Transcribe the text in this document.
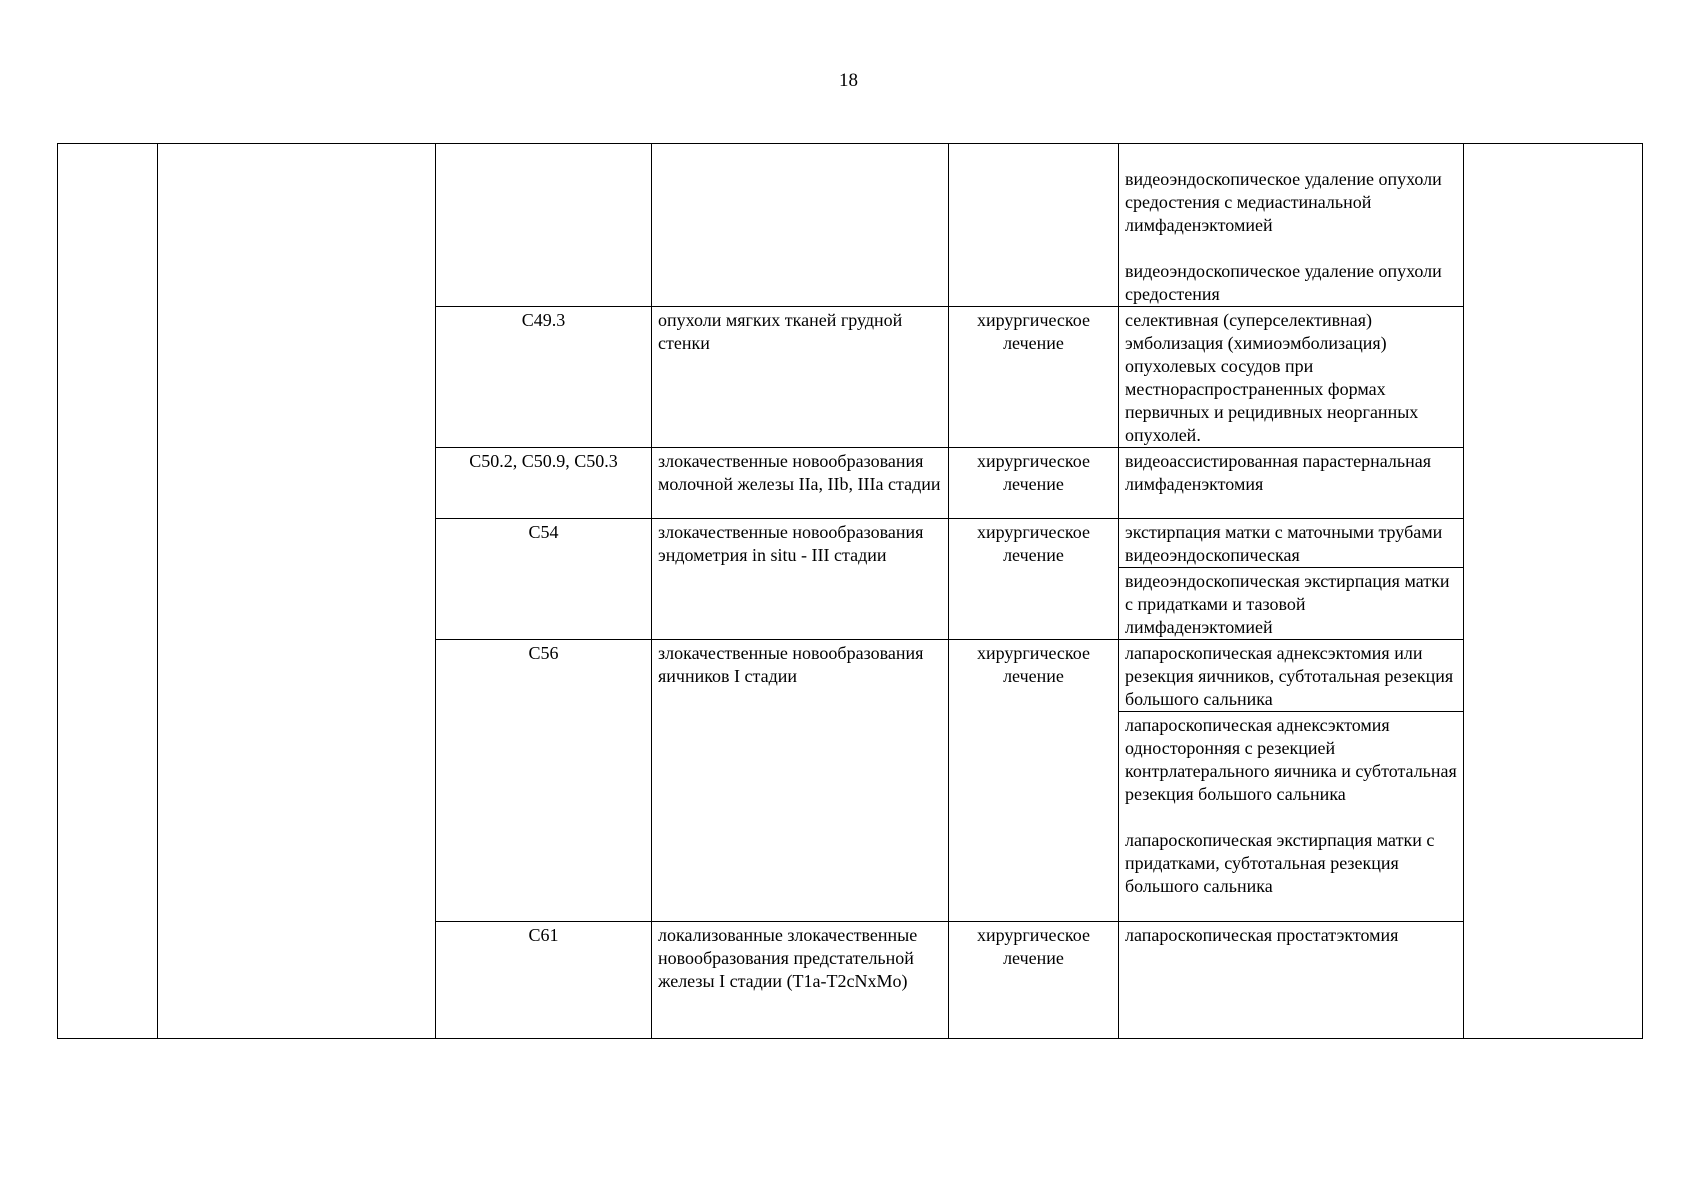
18

					видеоэндоскопическое удаление опухоли средостения с медиастинальной лимфаденэктомией
видеоэндоскопическое удаление опухоли средостения	

		С49.3	опухоли мягких тканей грудной стенки	хирургическое лечение	селективная (суперселективная) эмболизация (химиоэмболизация) опухолевых сосудов при местнораспространенных формах первичных и рецидивных неорганных опухолей.	
		С50.2, С50.9, С50.3	злокачественные новообразования молочной железы IIa, IIb, IIIa стадии	хирургическое лечение	видеоассистированная парастернальная лимфаденэктомия	
		С54	злокачественные новообразования эндометрия in situ - III стадии	хирургическое лечение	экстирпация матки с маточными трубами видеоэндоскопическая	
					видеоэндоскопическая экстирпация матки с придатками и тазовой лимфаденэктомией	
		С56	злокачественные новообразования яичников I стадии	хирургическое лечение	лапароскопическая аднексэктомия или резекция яичников, субтотальная резекция большого сальника	

					лапароскопическая аднексэктомия односторонняя с резекцией контрлатерального яичника и субтотальная резекция большого сальника
лапароскопическая экстирпация матки с придатками, субтотальная резекция большого сальника	

		С61	локализованные злокачественные новообразования предстательной железы I стадии (T1a-T2cNxMo)	хирургическое лечение	лапароскопическая простатэктомия	
